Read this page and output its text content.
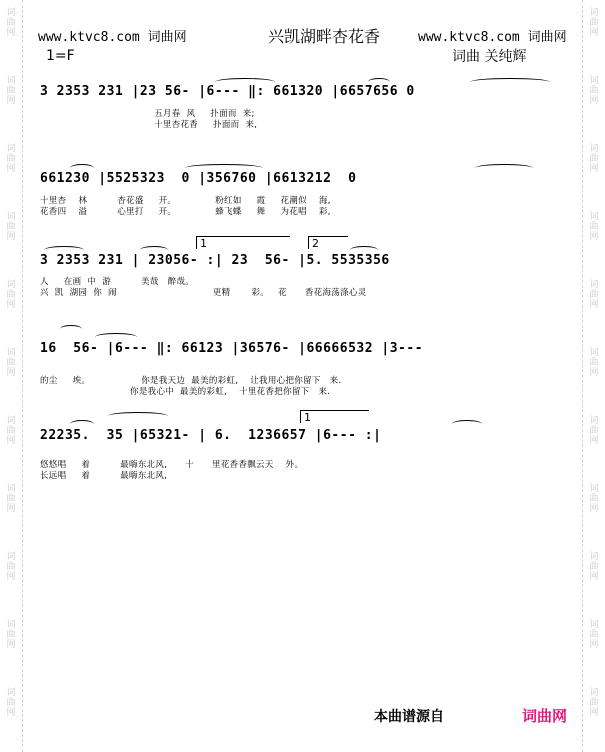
词
曲
网
词
曲
网
词
曲
网
词
曲
网
词
曲
网
词
曲
网
词
曲
网
词
曲
网
词
曲
网
词
曲
网
词
曲
网
词
曲
网
词
曲
网
词
曲
网
词
曲
网
词
曲
网
词
曲
网
词
曲
网
词
曲
网
词
曲
网
词
曲
网
词
曲
网
www.ktvc8.com 词曲网	兴凯湖畔杏花香	www.ktvc8.com 词曲网
1=F	词曲 关纯辉
3 2353 231 |23 56- |6--- ‖: 661320 |665765​6 0
五月春  风     扑面而  来;
十里杏花香     扑面而  来,
661230 |55253​23  0 |356760 |6613212  0
十里杏    林          杏花盛     开。             粉红如     霞     花潮似    海,
花香四    溢          心里打     开。             蜂飞蝶     舞     为花唱    彩,
1	2
3 2353 231 | 23056- :| 23  56- |5. 5535356
人     在画  中  游          美哉   醉哉。
兴  凯  湖园  你  闹                                更精       彩。   花      香花海荡涤心灵
16  56- |6--- ‖: 66123 |36576- |66666532 |3---
的尘     埃。                 你是我天边  最美的彩虹,    让我用心把你留下   来.
你是我心中  最美的彩虹,    十里花香把你留下   来.
1
22235.  35 |65321- | 6.  1236657 |6--- :|
悠悠唱     着          最嗨东北风,      十      里花香香飘云天    外。
长远唱     着          最嗨东北风,
本曲谱源自	词曲网
